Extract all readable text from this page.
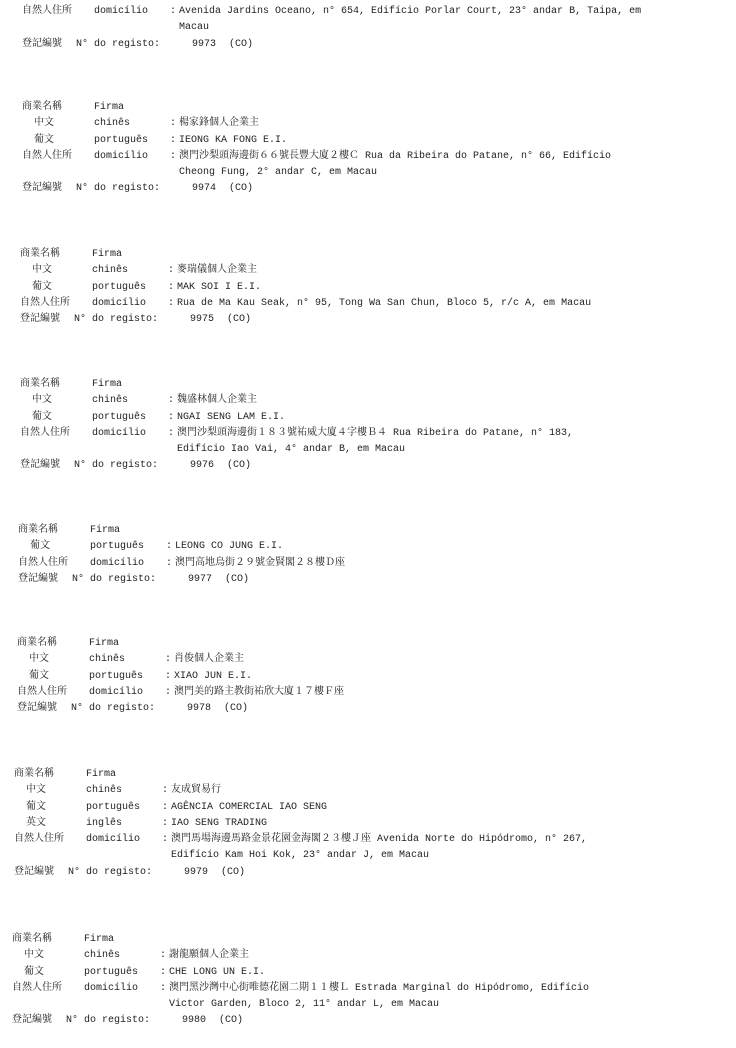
自然人住所 domicílio : Avenida Jardins Oceano, n° 654, Edifício Porlar Court, 23° andar B, Taipa, em
Macau
登記編號 N° do registo:	9973 (CO)
商業名稱	Firma
中文	chinês	: 楊家鋒個人企業主
葡文	português : IEONG KA FONG E.I.
自然人住所 domicílio : 澳門沙梨頭海邊街６６號長豐大廈２樓Ｃ Rua da Ribeira do Patane, n° 66, Edifício
Cheong Fung, 2° andar C, em Macau
登記編號 N° do registo:	9974 (CO)
商業名稱	Firma
中文	chinês	: 麥瑞儀個人企業主
葡文	português : MAK SOI I E.I.
自然人住所 domicílio : Rua de Ma Kau Seak, n° 95, Tong Wa San Chun, Bloco 5, r/c A, em Macau
登記編號 N° do registo:	9975 (CO)
商業名稱	Firma
中文	chinês	: 魏盛林個人企業主
葡文	português : NGAI SENG LAM E.I.
自然人住所 domicílio : 澳門沙梨頭海邊街１８３號祐威大廈４字樓Ｂ４ Rua Ribeira do Patane, n° 183,
Edifício Iao Vai, 4° andar B, em Macau
登記編號 N° do registo:	9976 (CO)
商業名稱	Firma
葡文	português : LEONG CO JUNG E.I.
自然人住所 domicílio : 澳門高地烏街２９號金賢閣２８樓Ｄ座
登記編號 N° do registo:	9977 (CO)
商業名稱	Firma
中文	chinês	: 肖俊個人企業主
葡文	português : XIAO JUN E.I.
自然人住所 domicílio : 澳門美的路主教街祐欣大廈１７樓Ｆ座
登記編號 N° do registo:	9978 (CO)
商業名稱	Firma
中文	chinês	: 友成貿易行
葡文	português : AGÊNCIA COMERCIAL IAO SENG
英文	inglês	: IAO SENG TRADING
自然人住所 domicílio : 澳門馬場海邊馬路金景花園金海閣２３樓Ｊ座 Avenida Norte do Hipódromo, n° 267,
Edifício Kam Hoi Kok, 23° andar J, em Macau
登記編號 N° do registo:	9979 (CO)
商業名稱	Firma
中文	chinês	: 謝龍願個人企業主
葡文	português : CHE LONG UN E.I.
自然人住所 domicílio : 澳門黑沙灣中心街唯德花園二期１１樓Ｌ Estrada Marginal do Hipódromo, Edifício
Victor Garden, Bloco 2, 11° andar L, em Macau
登記編號 N° do registo:	9980 (CO)
